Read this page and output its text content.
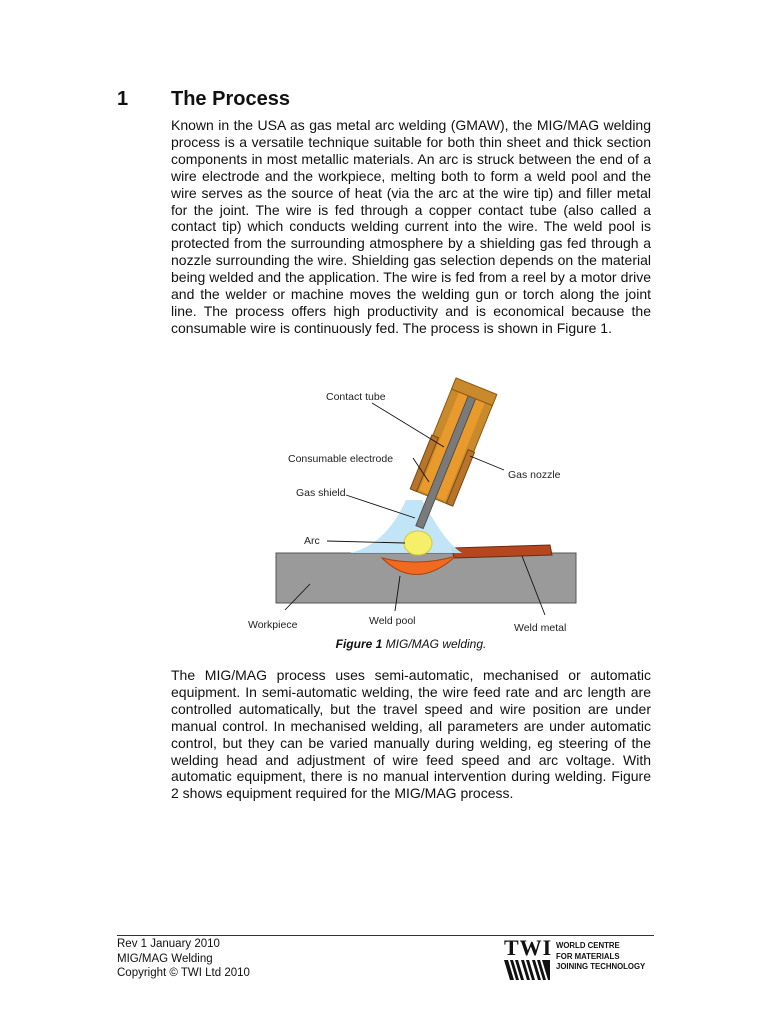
1 The Process

Known in the USA as gas metal arc welding (GMAW), the MIG/MAG welding process is a versatile technique suitable for both thin sheet and thick section components in most metallic materials. An arc is struck between the end of a wire electrode and the workpiece, melting both to form a weld pool and the wire serves as the source of heat (via the arc at the wire tip) and filler metal for the joint. The wire is fed through a copper contact tube (also called a contact tip) which conducts welding current into the wire. The weld pool is protected from the surrounding atmosphere by a shielding gas fed through a nozzle surrounding the wire. Shielding gas selection depends on the material being welded and the application. The wire is fed from a reel by a motor drive and the welder or machine moves the welding gun or torch along the joint line. The process offers high productivity and is economical because the consumable wire is continuously fed. The process is shown in Figure 1.

Contact tube
Consumable electrode
Gas nozzle
Gas shield
Arc
Workpiece	Weld pool
Weld metal
Figure 1 MIG/MAG welding.

The MIG/MAG process uses semi-automatic, mechanised or automatic equipment. In semi-automatic welding, the wire feed rate and arc length are controlled automatically, but the travel speed and wire position are under manual control. In mechanised welding, all parameters are under automatic control, but they can be varied manually during welding, eg steering of the welding head and adjustment of wire feed speed and arc voltage. With automatic equipment, there is no manual intervention during welding. Figure 2 shows equipment required for the MIG/MAG process.

Rev 1 January 2010
MIG/MAG Welding
Copyright © TWI Ltd 2010
TWI WORLD CENTRE
FOR MATERIALS
JOINING TECHNOLOGY
